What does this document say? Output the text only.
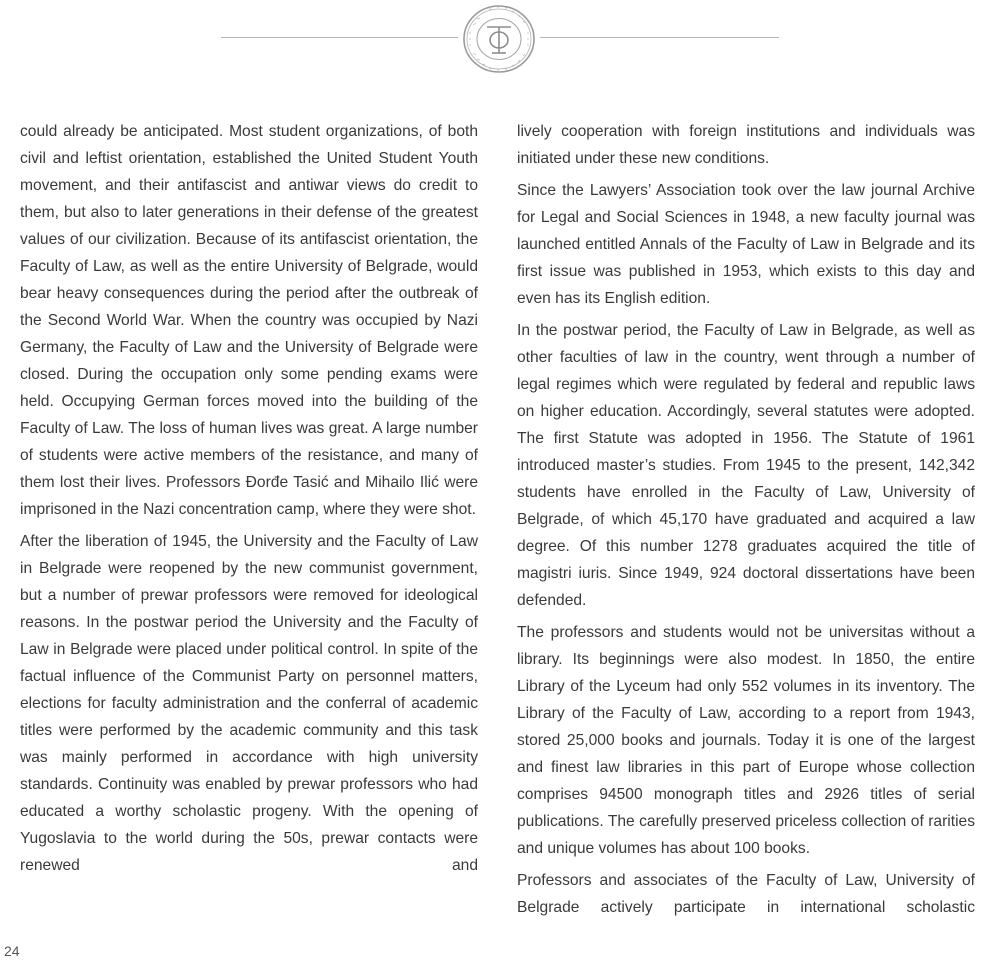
could already be anticipated. Most student organizations, of both civil and leftist orientation, established the United Student Youth movement, and their antifascist and antiwar views do credit to them, but also to later generations in their defense of the greatest values of our civilization. Because of its antifascist orientation, the Faculty of Law, as well as the entire University of Belgrade, would bear heavy consequences during the period after the outbreak of the Second World War. When the country was occupied by Nazi Germany, the Faculty of Law and the University of Belgrade were closed. During the occupation only some pending exams were held. Occupying German forces moved into the building of the Faculty of Law. The loss of human lives was great. A large number of students were active members of the resistance, and many of them lost their lives. Professors Đorđe Tasić and Mihailo Ilić were imprisoned in the Nazi concentration camp, where they were shot.

After the liberation of 1945, the University and the Faculty of Law in Belgrade were reopened by the new communist government, but a number of prewar professors were removed for ideological reasons. In the postwar period the University and the Faculty of Law in Belgrade were placed under political control. In spite of the factual influence of the Communist Party on personnel matters, elections for faculty administration and the conferral of academic titles were performed by the academic community and this task was mainly performed in accordance with high university standards. Continuity was enabled by prewar professors who had educated a worthy scholastic progeny. With the opening of Yugoslavia to the world during the 50s, prewar contacts were renewed and

lively cooperation with foreign institutions and individuals was initiated under these new conditions.

Since the Lawyers’ Association took over the law journal Archive for Legal and Social Sciences in 1948, a new faculty journal was launched entitled Annals of the Faculty of Law in Belgrade and its first issue was published in 1953, which exists to this day and even has its English edition.

In the postwar period, the Faculty of Law in Belgrade, as well as other faculties of law in the country, went through a number of legal regimes which were regulated by federal and republic laws on higher education. Accordingly, several statutes were adopted. The first Statute was adopted in 1956. The Statute of 1961 introduced master’s studies. From 1945 to the present, 142,342 students have enrolled in the Faculty of Law, University of Belgrade, of which 45,170 have graduated and acquired a law degree. Of this number 1278 graduates acquired the title of magistri iuris. Since 1949, 924 doctoral dissertations have been defended.

The professors and students would not be universitas without a library. Its beginnings were also modest. In 1850, the entire Library of the Lyceum had only 552 volumes in its inventory. The Library of the Faculty of Law, according to a report from 1943, stored 25,000 books and journals. Today it is one of the largest and finest law libraries in this part of Europe whose collection comprises 94500 monograph titles and 2926 titles of serial publications. The carefully preserved priceless collection of rarities and unique volumes has about 100 books.

Professors and associates of the Faculty of Law, University of Belgrade actively participate in international scholastic

24
